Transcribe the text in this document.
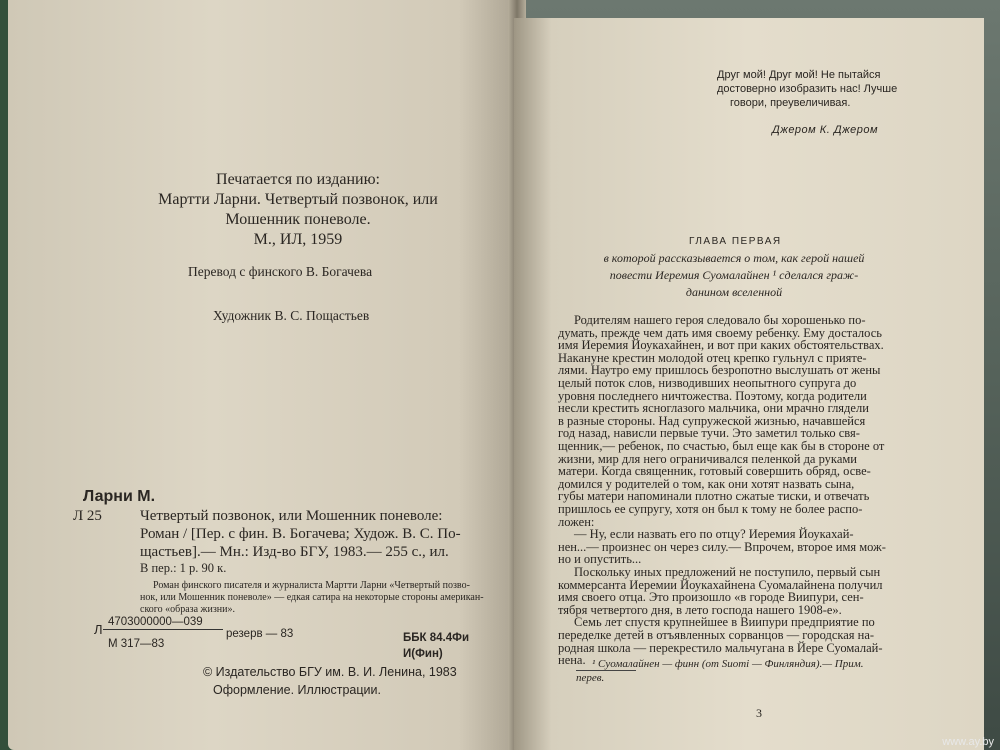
Печатается по изданию:
Мартти Ларни. Четвертый позвонок, или
Мошенник поневоле.
М., ИЛ, 1959
Перевод с финского В. Богачева
Художник В. С. Пощастьев
Ларни М.
Л 25	Четвертый позвонок, или Мошенник поневоле:
Роман / [Пер. с фин. В. Богачева; Худож. В. С. По-
щастьев].— Мн.: Изд-во БГУ, 1983.— 255 с., ил.
В пер.: 1 р. 90 к.
Роман финского писателя и журналиста Мартти Ларни «Четвертый позво-
нок, или Мошенник поневоле» — едкая сатира на некоторые стороны американ-
ского «образа жизни».
4703000000—039
Л	резерв — 83
М 317—83	ББК 84.4Фи
И(Фин)
© Издательство БГУ им. В. И. Ленина, 1983
Оформление. Иллюстрации.
Друг мой! Друг мой! Не пытайся
достоверно изобразить нас! Лучше
говори, преувеличивая.
Джером К. Джером
ГЛАВА ПЕРВАЯ
в которой рассказывается о том, как герой нашей
повести Иеремия Суомалайнен ¹ сделался граж-
данином вселенной
Родителям нашего героя следовало бы хорошенько по-
думать, прежде чем дать имя своему ребенку. Ему досталось
имя Иеремия Йоукахайнен, и вот при каких обстоятельствах.
Накануне крестин молодой отец крепко гульнул с прияте-
лями. Наутро ему пришлось безропотно выслушать от жены
целый поток слов, низводивших неопытного супруга до
уровня последнего ничтожества. Поэтому, когда родители
несли крестить ясноглазого мальчика, они мрачно глядели
в разные стороны. Над супружеской жизнью, начавшейся
год назад, нависли первые тучи. Это заметил только свя-
щенник,— ребенок, по счастью, был еще как бы в стороне от
жизни, мир для него ограничивался пеленкой да руками
матери. Когда священник, готовый совершить обряд, осве-
домился у родителей о том, как они хотят назвать сына,
губы матери напоминали плотно сжатые тиски, и отвечать
пришлось ее супругу, хотя он был к тому не более распо-
ложен:
— Ну, если назвать его по отцу? Иеремия Йоукахай-
нен...— произнес он через силу.— Впрочем, второе имя мож-
но и опустить...
Поскольку иных предложений не поступило, первый сын
коммерсанта Иеремии Йоукахайнена Суомалайнена получил
имя своего отца. Это произошло «в городе Виипури, сен-
тября четвертого дня, в лето господа нашего 1908-е».
Семь лет спустя крупнейшее в Виипури предприятие по
переделке детей в отъявленных сорванцов — городская на-
родная школа — перекрестило мальчугана в Йере Суомалай-
нена. ¹ Суомалайнен — финн (от Suomi — Финляндия).— Прим.
перев.
3
www.ay.by
